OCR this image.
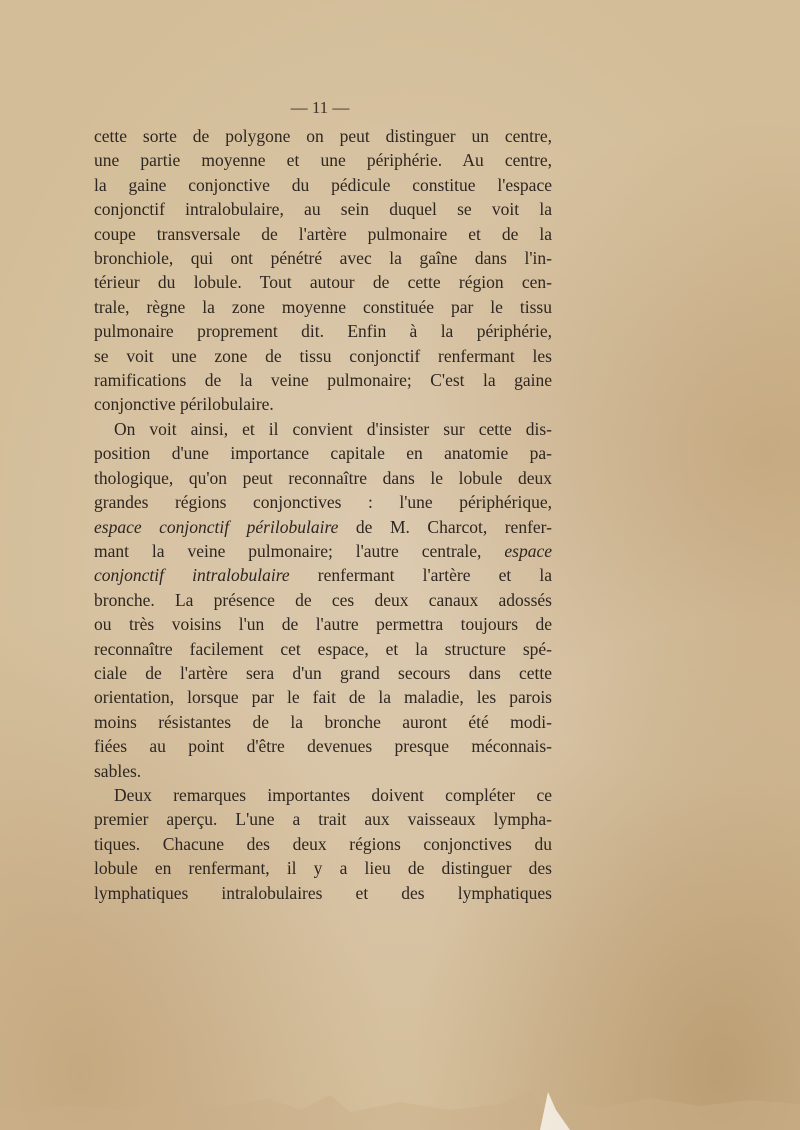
— 11 —
cette sorte de polygone on peut distinguer un centre,
une partie moyenne et une périphérie. Au centre,
la gaine conjonctive du pédicule constitue l'espace
conjonctif intralobulaire, au sein duquel se voit la
coupe transversale de l'artère pulmonaire et de la
bronchiole, qui ont pénétré avec la gaîne dans l'in-
térieur du lobule. Tout autour de cette région cen-
trale, règne la zone moyenne constituée par le tissu
pulmonaire proprement dit. Enfin à la périphérie,
se voit une zone de tissu conjonctif renfermant les
ramifications de la veine pulmonaire; C'est la gaine
conjonctive périlobulaire.
On voit ainsi, et il convient d'insister sur cette dis-
position d'une importance capitale en anatomie pa-
thologique, qu'on peut reconnaître dans le lobule deux
grandes régions conjonctives : l'une périphérique,
espace conjonctif périlobulaire de M. Charcot, renfer-
mant la veine pulmonaire; l'autre centrale, espace
conjonctif intralobulaire renfermant l'artère et la
bronche. La présence de ces deux canaux adossés
ou très voisins l'un de l'autre permettra toujours de
reconnaître facilement cet espace, et la structure spé-
ciale de l'artère sera d'un grand secours dans cette
orientation, lorsque par le fait de la maladie, les parois
moins résistantes de la bronche auront été modi-
fiées au point d'être devenues presque méconnais-
sables.
Deux remarques importantes doivent compléter ce
premier aperçu. L'une a trait aux vaisseaux lympha-
tiques. Chacune des deux régions conjonctives du
lobule en renfermant, il y a lieu de distinguer des
lymphatiques intralobulaires et des lymphatiques
